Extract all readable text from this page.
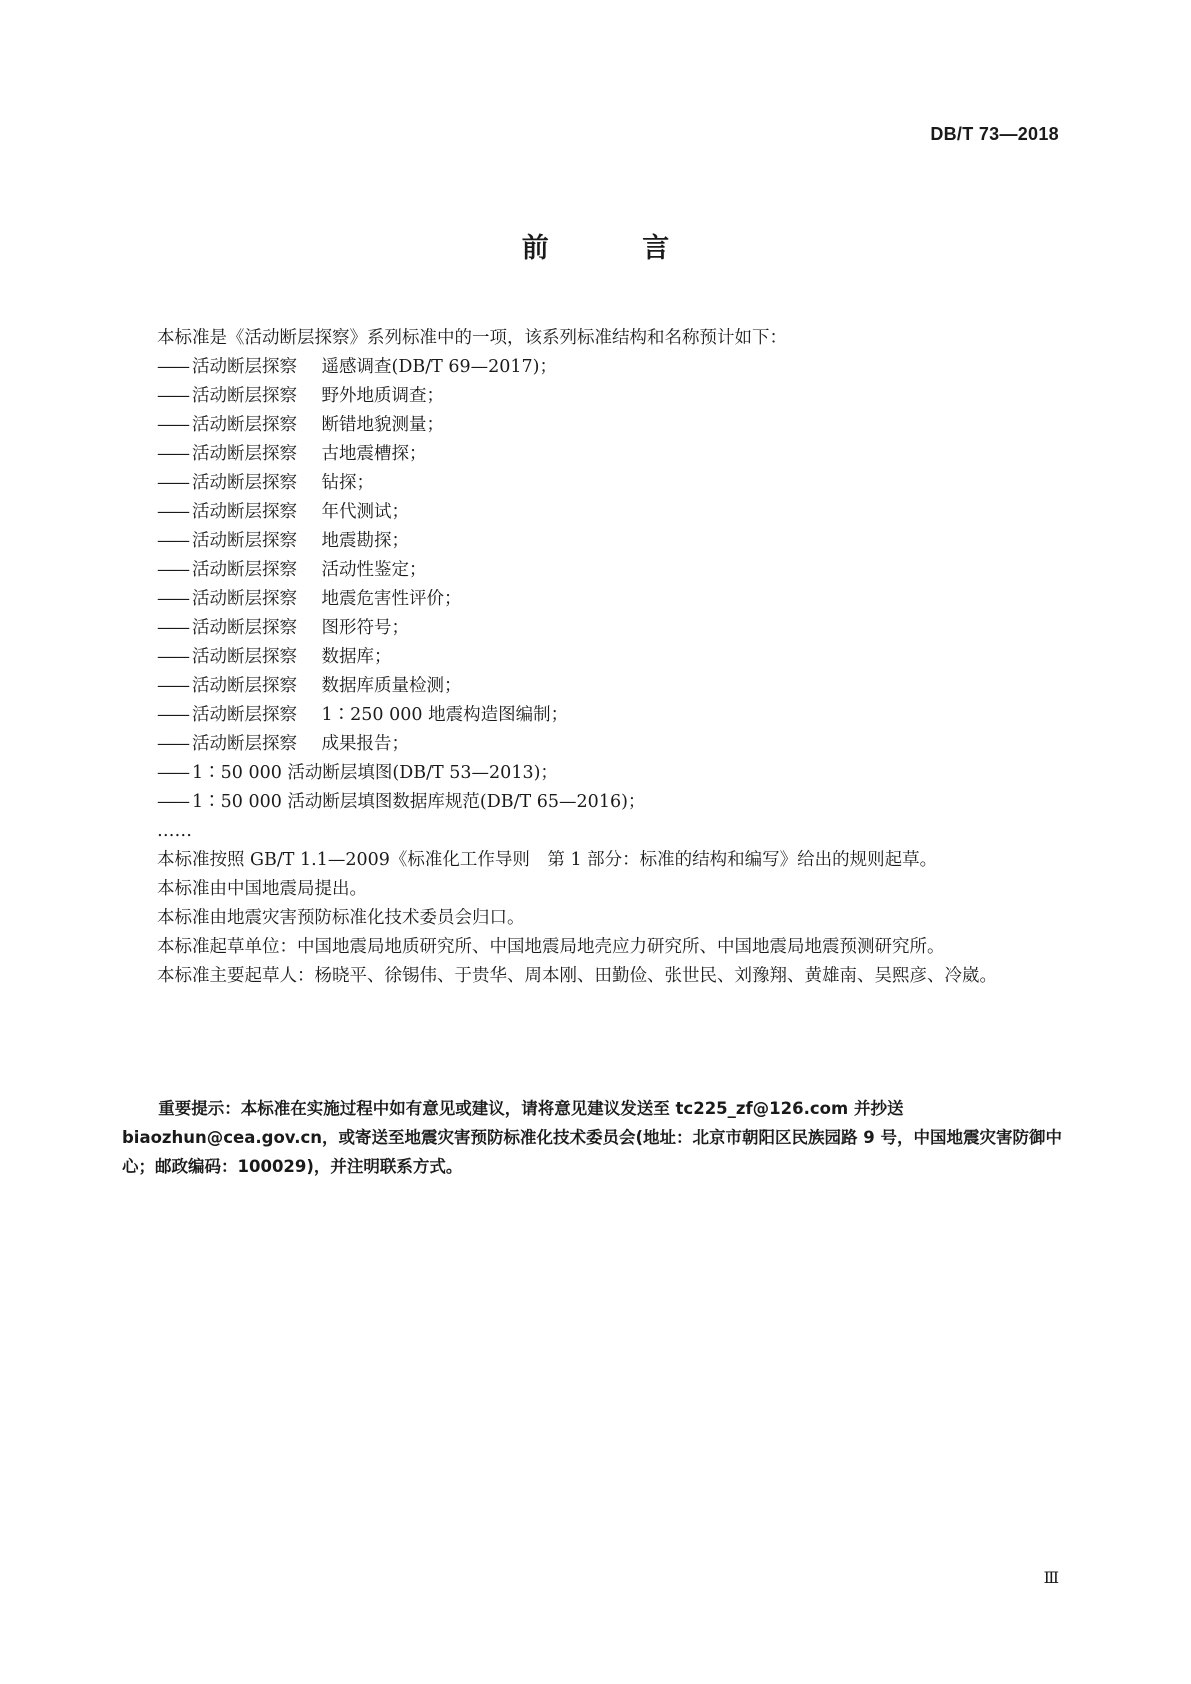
DB/T 73—2018
前 言

本标准是《活动断层探察》系列标准中的一项，该系列标准结构和名称预计如下：

—— 活动断层探察 遥感调查(DB/T 69—2017)；
—— 活动断层探察 野外地质调查；
—— 活动断层探察 断错地貌测量；
—— 活动断层探察 古地震槽探；
—— 活动断层探察 钻探；
—— 活动断层探察 年代测试；
—— 活动断层探察 地震勘探；
—— 活动断层探察 活动性鉴定；
—— 活动断层探察 地震危害性评价；
—— 活动断层探察 图形符号；
—— 活动断层探察 数据库；
—— 活动断层探察 数据库质量检测；
—— 活动断层探察 1∶250 000 地震构造图编制；
—— 活动断层探察 成果报告；
—— 1∶50 000 活动断层填图(DB/T 53—2013)；
—— 1∶50 000 活动断层填图数据库规范(DB/T 65—2016)；

……

本标准按照 GB/T 1.1—2009《标准化工作导则　第 1 部分：标准的结构和编写》给出的规则起草。

本标准由中国地震局提出。

本标准由地震灾害预防标准化技术委员会归口。

本标准起草单位：中国地震局地质研究所、中国地震局地壳应力研究所、中国地震局地震预测研究所。

本标准主要起草人：杨晓平、徐锡伟、于贵华、周本刚、田勤俭、张世民、刘豫翔、黄雄南、吴熙彦、冷崴。

重要提示：本标准在实施过程中如有意见或建议，请将意见建议发送至 tc225_zf@126.com 并抄送 biaozhun@cea.gov.cn，或寄送至地震灾害预防标准化技术委员会(地址：北京市朝阳区民族园路 9 号，中国地震灾害防御中心；邮政编码：100029)，并注明联系方式。
Ⅲ
